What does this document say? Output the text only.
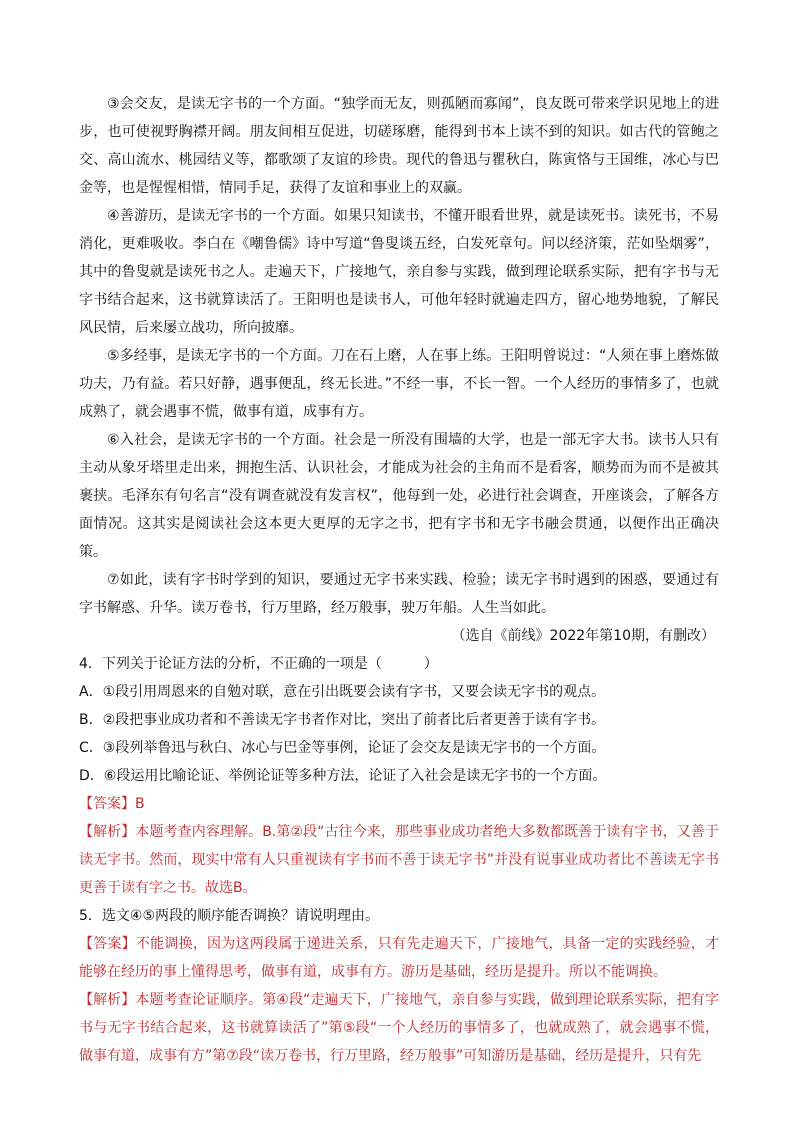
③会交友，是读无字书的一个方面。“独学而无友，则孤陋而寡闻”，良友既可带来学识见地上的进步，也可使视野胸襟开阔。朋友间相互促进，切磋琢磨，能得到书本上读不到的知识。如古代的管鲍之交、高山流水、桃园结义等，都歌颂了友谊的珍贵。现代的鲁迅与瞿秋白，陈寅恪与王国维，冰心与巴金等，也是惺惺相惜，情同手足，获得了友谊和事业上的双赢。

④善游历，是读无字书的一个方面。如果只知读书，不懂开眼看世界，就是读死书。读死书，不易消化，更难吸收。李白在《嘲鲁儒》诗中写道“鲁叟谈五经，白发死章句。问以经济策，茫如坠烟雾”，其中的鲁叟就是读死书之人。走遍天下，广接地气，亲自参与实践，做到理论联系实际，把有字书与无字书结合起来，这书就算读活了。王阳明也是读书人，可他年轻时就遍走四方，留心地势地貌，了解民风民情，后来屡立战功，所向披靡。

⑤多经事，是读无字书的一个方面。刀在石上磨，人在事上练。王阳明曾说过：“人须在事上磨炼做功夫，乃有益。若只好静，遇事便乱，终无长进。”不经一事，不长一智。一个人经历的事情多了，也就成熟了，就会遇事不慌，做事有道，成事有方。

⑥入社会，是读无字书的一个方面。社会是一所没有围墙的大学，也是一部无字大书。读书人只有主动从象牙塔里走出来，拥抱生活、认识社会，才能成为社会的主角而不是看客，顺势而为而不是被其裹挟。毛泽东有句名言“没有调查就没有发言权”，他每到一处，必进行社会调查，开座谈会，了解各方面情况。这其实是阅读社会这本更大更厚的无字之书，把有字书和无字书融会贯通，以便作出正确决策。

⑦如此，读有字书时学到的知识，要通过无字书来实践、检验；读无字书时遇到的困惑，要通过有字书解惑、升华。读万卷书，行万里路，经万般事，驶万年船。人生当如此。

（选自《前线》2022年第10期，有删改）

4．下列关于论证方法的分析，不正确的一项是（　　　）

A．①段引用周恩来的自勉对联，意在引出既要会读有字书，又要会读无字书的观点。

B．②段把事业成功者和不善读无字书者作对比，突出了前者比后者更善于读有字书。

C．③段列举鲁迅与秋白、冰心与巴金等事例，论证了会交友是读无字书的一个方面。

D．⑥段运用比喻论证、举例论证等多种方法，论证了入社会是读无字书的一个方面。

【答案】B

【解析】本题考查内容理解。B.第②段“古往今来，那些事业成功者绝大多数都既善于读有字书，又善于读无字书。然而，现实中常有人只重视读有字书而不善于读无字书”并没有说事业成功者比不善读无字书更善于读有字之书。故选B。

5．选文④⑤两段的顺序能否调换？请说明理由。

【答案】不能调换，因为这两段属于递进关系，只有先走遍天下，广接地气，具备一定的实践经验，才能够在经历的事上懂得思考，做事有道，成事有方。游历是基础，经历是提升。所以不能调换。

【解析】本题考查论证顺序。第④段“走遍天下，广接地气，亲自参与实践，做到理论联系实际，把有字书与无字书结合起来，这书就算读活了”第⑤段“一个人经历的事情多了，也就成熟了，就会遇事不慌，做事有道，成事有方”第⑦段“读万卷书，行万里路，经万般事”可知游历是基础，经历是提升，只有先
